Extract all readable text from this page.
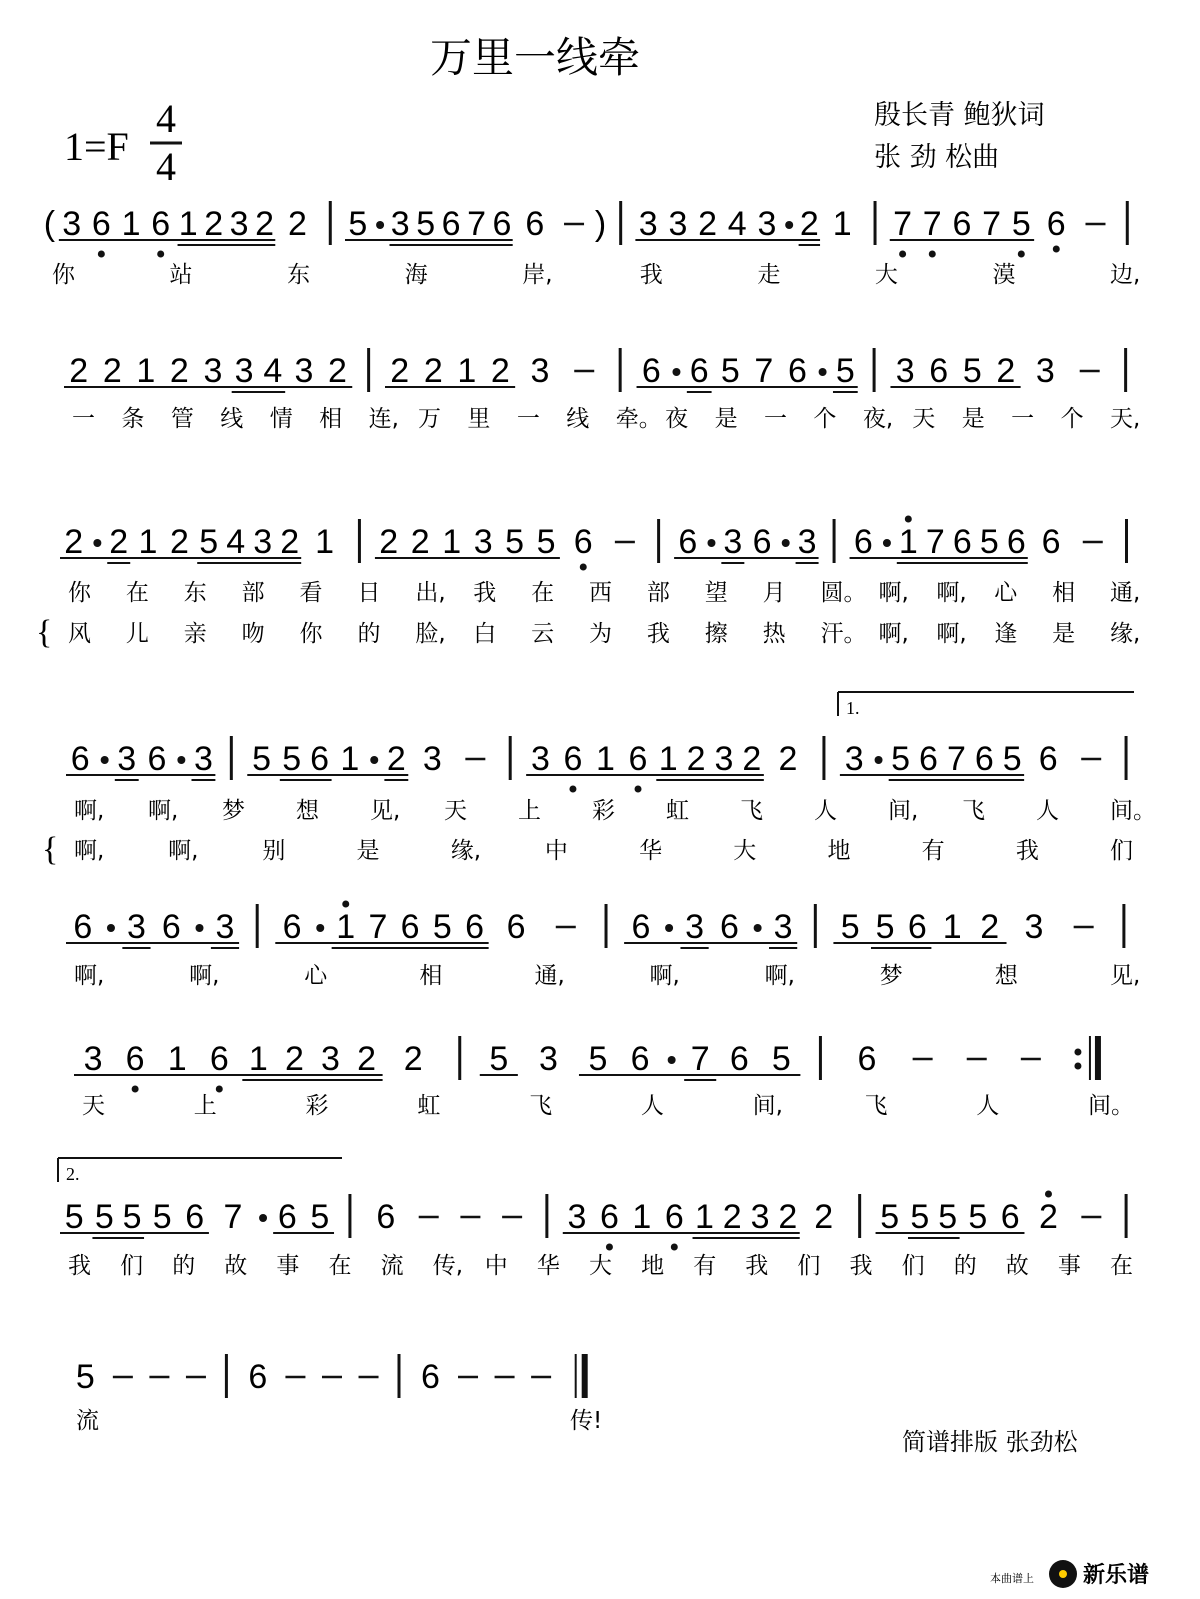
万里一线牵
1=F
4
4
殷长青 鲍狄词
张 劲 松曲
( 3 6 1 6 1 2 3 2 2 5 3 5 6 7 6 6 ) 3 3 2 4 3 2 1 7 7 6 7 5 6
你	站	东	海	岸,	我	走	大	漠	边,
2 2 1 2 3 3 4 3 2 2 2 1 2 3	6 6 5 7 6 5 3 6 5 2 3
一 条 管 线 情 相 连, 万 里 一 线 牵。 夜 是 一 个 夜, 天 是 一 个 天,
2 2 1 2 5 4 3 2 1 2 2 1 3 5 5 6	6 3 6 3 6 1 7 6 5 6 6
你 在 东 部 看 日 出, 我 在 西 部 望 月 圆。 啊, 啊, 心 相 通,
风 儿 亲 吻 你 的 脸, 白 云 为 我 擦 热 汗。 啊, 啊, 逢 是 缘,
{
6 3 6 3 5 5 6 1 2 3	3 6 1 6 1 2 3 2 2 3 5 6 7 6 5 6
啊, 啊, 梦 想 见, 天 上 彩 虹 飞 人 间, 飞 人 间。
啊,	啊,	别	是	缘,	中	华	大	地	有	我	们
{
1.
6 3 6 3 6 1 7 6 5 6 6	6 3 6 3 5 5 6 1 2 3
啊,	啊,	心	相	通,	啊,	啊,	梦	想	见,
3 6 1 6 1 2 3 2 2 5 3 5 6 7 6 5 6
天	上	彩	虹	飞	人	间,	飞	人	间。
5 5 5 5 6 7 6 5 6	3 6 1 6 1 2 3 2 2 5 5 5 5 6 2
我 们 的 故 事 在 流 传, 中 华 大 地 有 我 们 我 们 的 故 事 在
2.
5	6	6
流	传!
简谱排版 张劲松
本曲谱上 新乐谱
